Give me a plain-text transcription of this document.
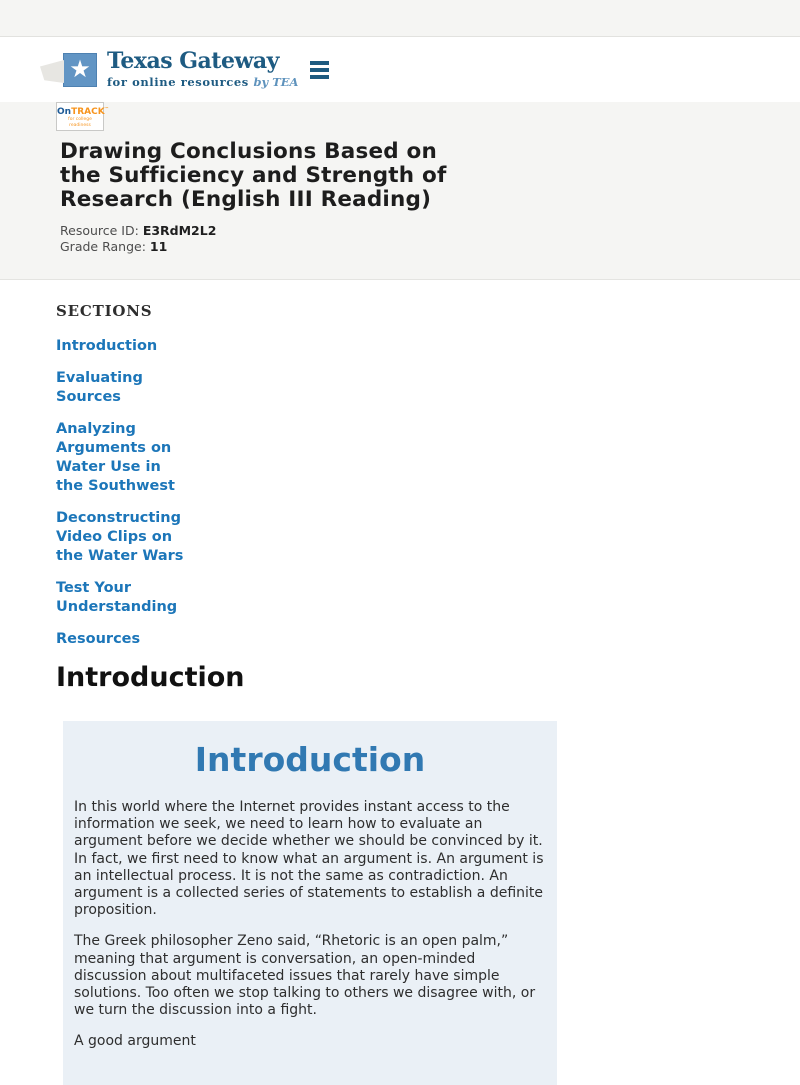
★ Texas Gateway
for online resources by TEA
OnTRACK™
for college readiness
Drawing Conclusions Based on the Sufficiency and Strength of Research (English III Reading)
Resource ID: E3RdM2L2
Grade Range: 11
SECTIONS
Introduction
Evaluating Sources
Analyzing Arguments on Water Use in the Southwest
Deconstructing Video Clips on the Water Wars
Test Your Understanding
Resources
Introduction
Introduction

In this world where the Internet provides instant access to the information we seek, we need to learn how to evaluate an argument before we decide whether we should be convinced by it. In fact, we first need to know what an argument is. An argument is an intellectual process. It is not the same as contradiction. An argument is a collected series of statements to establish a definite proposition.

The Greek philosopher Zeno said, “Rhetoric is an open palm,” meaning that argument is conversation, an open-minded discussion about multifaceted issues that rarely have simple solutions. Too often we stop talking to others we disagree with, or we turn the discussion into a fight.

A good argument
